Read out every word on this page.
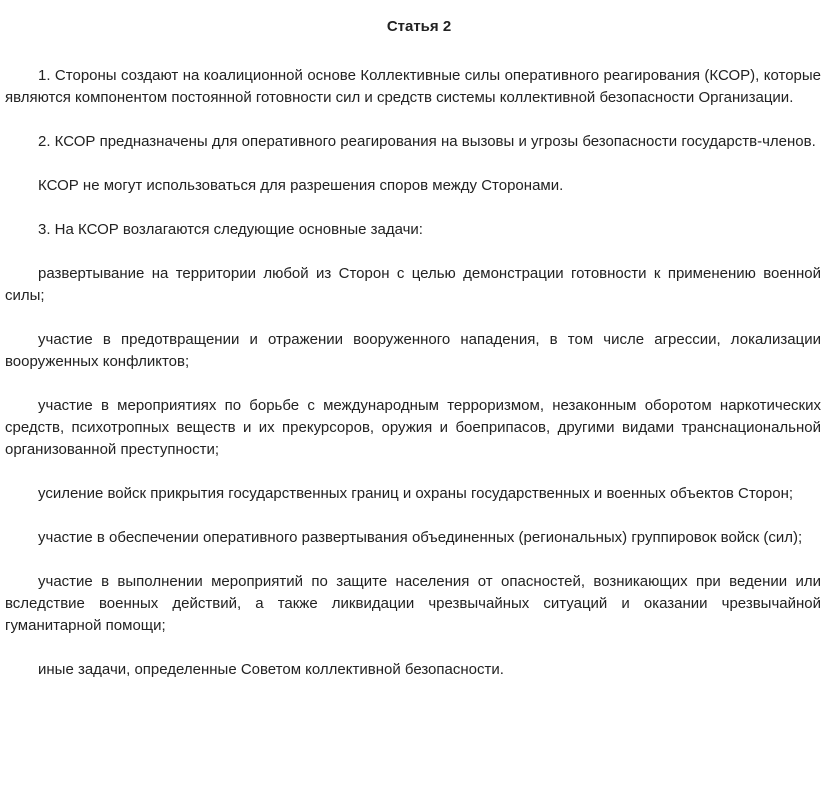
Статья 2

1. Стороны создают на коалиционной основе Коллективные силы оперативного реагирования (КСОР), которые являются компонентом постоянной готовности сил и средств системы коллективной безопасности Организации.

2. КСОР предназначены для оперативного реагирования на вызовы и угрозы безопасности государств-членов.

КСОР не могут использоваться для разрешения споров между Сторонами.

3. На КСОР возлагаются следующие основные задачи:

развертывание на территории любой из Сторон с целью демонстрации готовности к применению военной силы;

участие в предотвращении и отражении вооруженного нападения, в том числе агрессии, локализации вооруженных конфликтов;

участие в мероприятиях по борьбе с международным терроризмом, незаконным оборотом наркотических средств, психотропных веществ и их прекурсоров, оружия и боеприпасов, другими видами транснациональной организованной преступности;

усиление войск прикрытия государственных границ и охраны государственных и военных объектов Сторон;

участие в обеспечении оперативного развертывания объединенных (региональных) группировок войск (сил);

участие в выполнении мероприятий по защите населения от опасностей, возникающих при ведении или вследствие военных действий, а также ликвидации чрезвычайных ситуаций и оказании чрезвычайной гуманитарной помощи;

иные задачи, определенные Советом коллективной безопасности.
